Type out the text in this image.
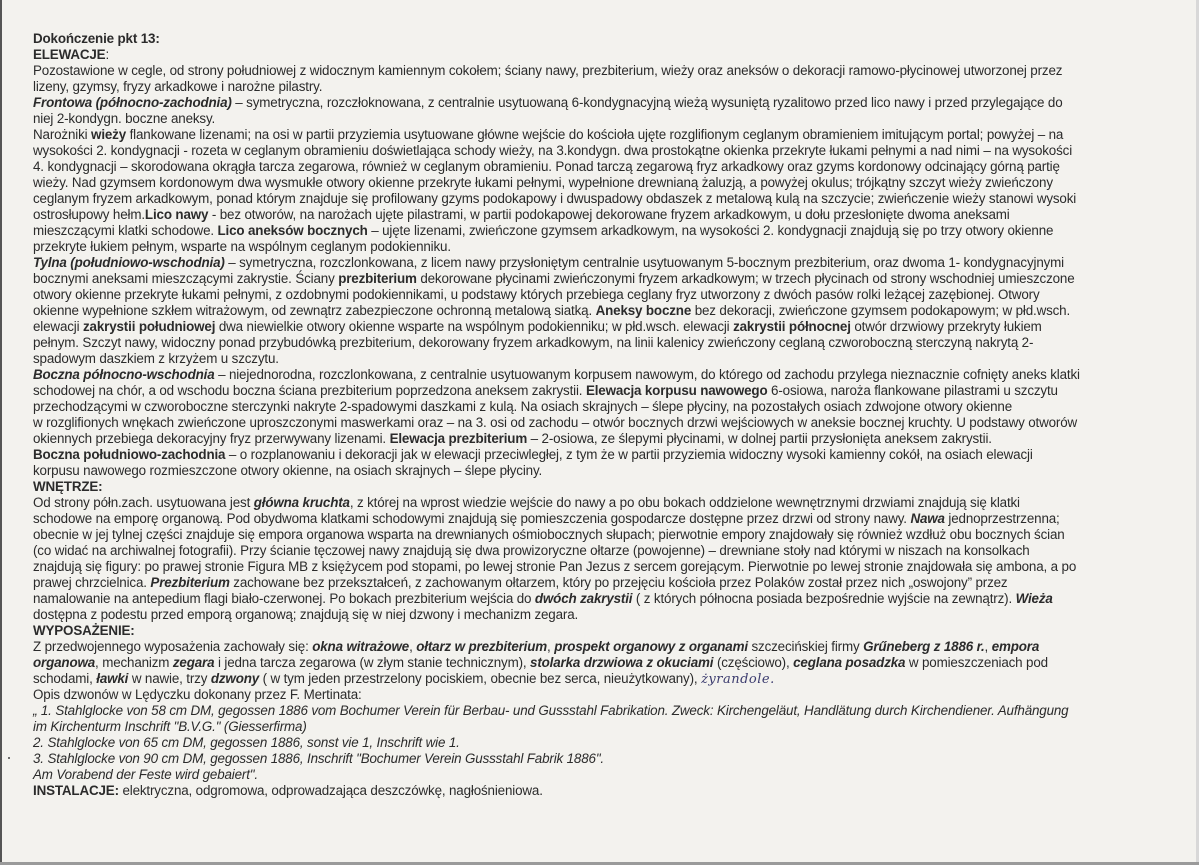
Dokończenie pkt 13:
ELEWACJE:
Pozostawione w cegle, od strony południowej z widocznym kamiennym cokołem; ściany nawy, prezbiterium, wieży oraz aneksów o dekoracji ramowo-płycinowej utworzonej przez
lizeny, gzymsy, fryzy arkadkowe i narożne pilastry.
Frontowa (północno-zachodnia) – symetryczna, rozczłoknowana, z centralnie usytuowaną 6-kondygnacyjną wieżą wysuniętą ryzalitowo przed lico nawy i przed przylegające do
niej 2-kondygn. boczne aneksy.
Narożniki wieży flankowane lizenami; na osi w partii przyziemia usytuowane główne wejście do kościoła ujęte rozglifionym ceglanym obramieniem imitującym portal; powyżej – na
wysokości 2. kondygnacji - rozeta w ceglanym obramieniu doświetlająca schody wieży, na 3.kondygn. dwa prostokątne okienka przekryte łukami pełnymi a nad nimi – na wysokości
4. kondygnacji – skorodowana okrągła tarcza zegarowa, również w ceglanym obramieniu. Ponad tarczą zegarową fryz arkadkowy oraz gzyms kordonowy odcinający górną partię
wieży. Nad gzymsem kordonowym dwa wysmukłe otwory okienne przekryte łukami pełnymi, wypełnione drewnianą żaluzją, a powyżej okulus; trójkątny szczyt wieży zwieńczony
ceglanym fryzem arkadkowym, ponad którym znajduje się profilowany gzyms podokapowy i dwuspadowy obdaszek z metalową kulą na szczycie; zwieńczenie wieży stanowi wysoki
ostrosłupowy hełm.Lico nawy - bez otworów, na narożach ujęte pilastrami, w partii podokapowej dekorowane fryzem arkadkowym, u dołu przesłonięte dwoma aneksami
mieszczącymi klatki schodowe. Lico aneksów bocznych – ujęte lizenami, zwieńczone gzymsem arkadkowym, na wysokości 2. kondygnacji znajdują się po trzy otwory okienne
przekryte łukiem pełnym, wsparte na wspólnym ceglanym podokienniku.
Tylna (południowo-wschodnia) – symetryczna, rozczlonkowana, z licem nawy przysłoniętym centralnie usytuowanym 5-bocznym prezbiterium, oraz dwoma 1- kondygnacyjnymi
bocznymi aneksami mieszczącymi zakrystie. Ściany prezbiterium dekorowane płycinami zwieńczonymi fryzem arkadkowym; w trzech płycinach od strony wschodniej umieszczone
otwory okienne przekryte łukami pełnymi, z ozdobnymi podokiennikami, u podstawy których przebiega ceglany fryz utworzony z dwóch pasów rolki leżącej zazębionej. Otwory
okienne wypełnione szkłem witrażowym, od zewnątrz zabezpieczone ochronną metalową siatką. Aneksy boczne bez dekoracji, zwieńczone gzymsem podokapowym; w płd.wsch.
elewacji zakrystii południowej dwa niewielkie otwory okienne wsparte na wspólnym podokienniku; w płd.wsch. elewacji zakrystii północnej otwór drzwiowy przekryty łukiem
pełnym. Szczyt nawy, widoczny ponad przybudówką prezbiterium, dekorowany fryzem arkadkowym, na linii kalenicy zwieńczony ceglaną czworoboczną sterczyną nakrytą 2-
spadowym daszkiem z krzyżem u szczytu.
Boczna północno-wschodnia – niejednorodna, rozczlonkowana, z centralnie usytuowanym korpusem nawowym, do którego od zachodu przylega nieznacznie cofnięty aneks klatki
schodowej na chór, a od wschodu boczna ściana prezbiterium poprzedzona aneksem zakrystii. Elewacja korpusu nawowego 6-osiowa, naroża flankowane pilastrami u szczytu
przechodzącymi w czworoboczne sterczynki nakryte 2-spadowymi daszkami z kulą. Na osiach skrajnych – ślepe płyciny, na pozostałych osiach zdwojone otwory okienne
w rozglifionych wnękach zwieńczone uproszczonymi maswerkami oraz – na 3. osi od zachodu – otwór bocznych drzwi wejściowych w aneksie bocznej kruchty. U podstawy otworów
okiennych przebiega dekoracyjny fryz przerwywany lizenami. Elewacja prezbiterium – 2-osiowa, ze ślepymi płycinami, w dolnej partii przysłonięta aneksem zakrystii.
Boczna południowo-zachodnia – o rozplanowaniu i dekoracji jak w elewacji przeciwległej, z tym że w partii przyziemia widoczny wysoki kamienny cokół, na osiach elewacji
korpusu nawowego rozmieszczone otwory okienne, na osiach skrajnych – ślepe płyciny.
WNĘTRZE:
Od strony półn.zach. usytuowana jest główna kruchta, z której na wprost wiedzie wejście do nawy a po obu bokach oddzielone wewnętrznymi drzwiami znajdują się klatki
schodowe na emporę organową. Pod obydwoma klatkami schodowymi znajdują się pomieszczenia gospodarcze dostępne przez drzwi od strony nawy. Nawa jednoprzestrzenna;
obecnie w jej tylnej części znajduje się empora organowa wsparta na drewnianych ośmiobocznych słupach; pierwotnie empory znajdowały się również wzdłuż obu bocznych ścian
(co widać na archiwalnej fotografii). Przy ścianie tęczowej nawy znajdują się dwa prowizoryczne ołtarze (powojenne) – drewniane stoły nad którymi w niszach na konsolkach
znajdują się figury: po prawej stronie Figura MB z księżycem pod stopami, po lewej stronie Pan Jezus z sercem gorejącym. Pierwotnie po lewej stronie znajdowała się ambona, a po
prawej chrzcielnica. Prezbiterium zachowane bez przekształceń, z zachowanym ołtarzem, który po przejęciu kościoła przez Polaków został przez nich „oswojony” przez
namalowanie na antepedium flagi biało-czerwonej. Po bokach prezbiterium wejścia do dwóch zakrystii ( z których północna posiada bezpośrednie wyjście na zewnątrz). Wieża
dostępna z podestu przed emporą organową; znajdują się w niej dzwony i mechanizm zegara.
WYPOSAŻENIE:
Z przedwojennego wyposażenia zachowały się: okna witrażowe, ołtarz w prezbiterium, prospekt organowy z organami szczecińskiej firmy Grűneberg z 1886 r., empora
organowa, mechanizm zegara i jedna tarcza zegarowa (w złym stanie technicznym), stolarka drzwiowa z okuciami (częściowo), ceglana posadzka w pomieszczeniach pod
schodami, ławki w nawie, trzy dzwony ( w tym jeden przestrzelony pociskiem, obecnie bez serca, nieużytkowany), żyrandole.
Opis dzwonów w Lędyczku dokonany przez F. Mertinata:
„ 1. Stahlglocke von 58 cm DM, gegossen 1886 vom Bochumer Verein für Berbau- und Gussstahl Fabrikation. Zweck: Kirchengeläut, Handlätung durch Kirchendiener. Aufhängung
im Kirchenturm Inschrift "B.V.G." (Giesserfirma)
2. Stahlglocke von 65 cm DM, gegossen 1886, sonst vie 1, Inschrift wie 1.
3. Stahlglocke von 90 cm DM, gegossen 1886, Inschrift "Bochumer Verein Gussstahl Fabrik 1886".
Am Vorabend der Feste wird gebaiert".
INSTALACJE: elektryczna, odgromowa, odprowadzająca deszczówkę, nagłośnieniowa.
